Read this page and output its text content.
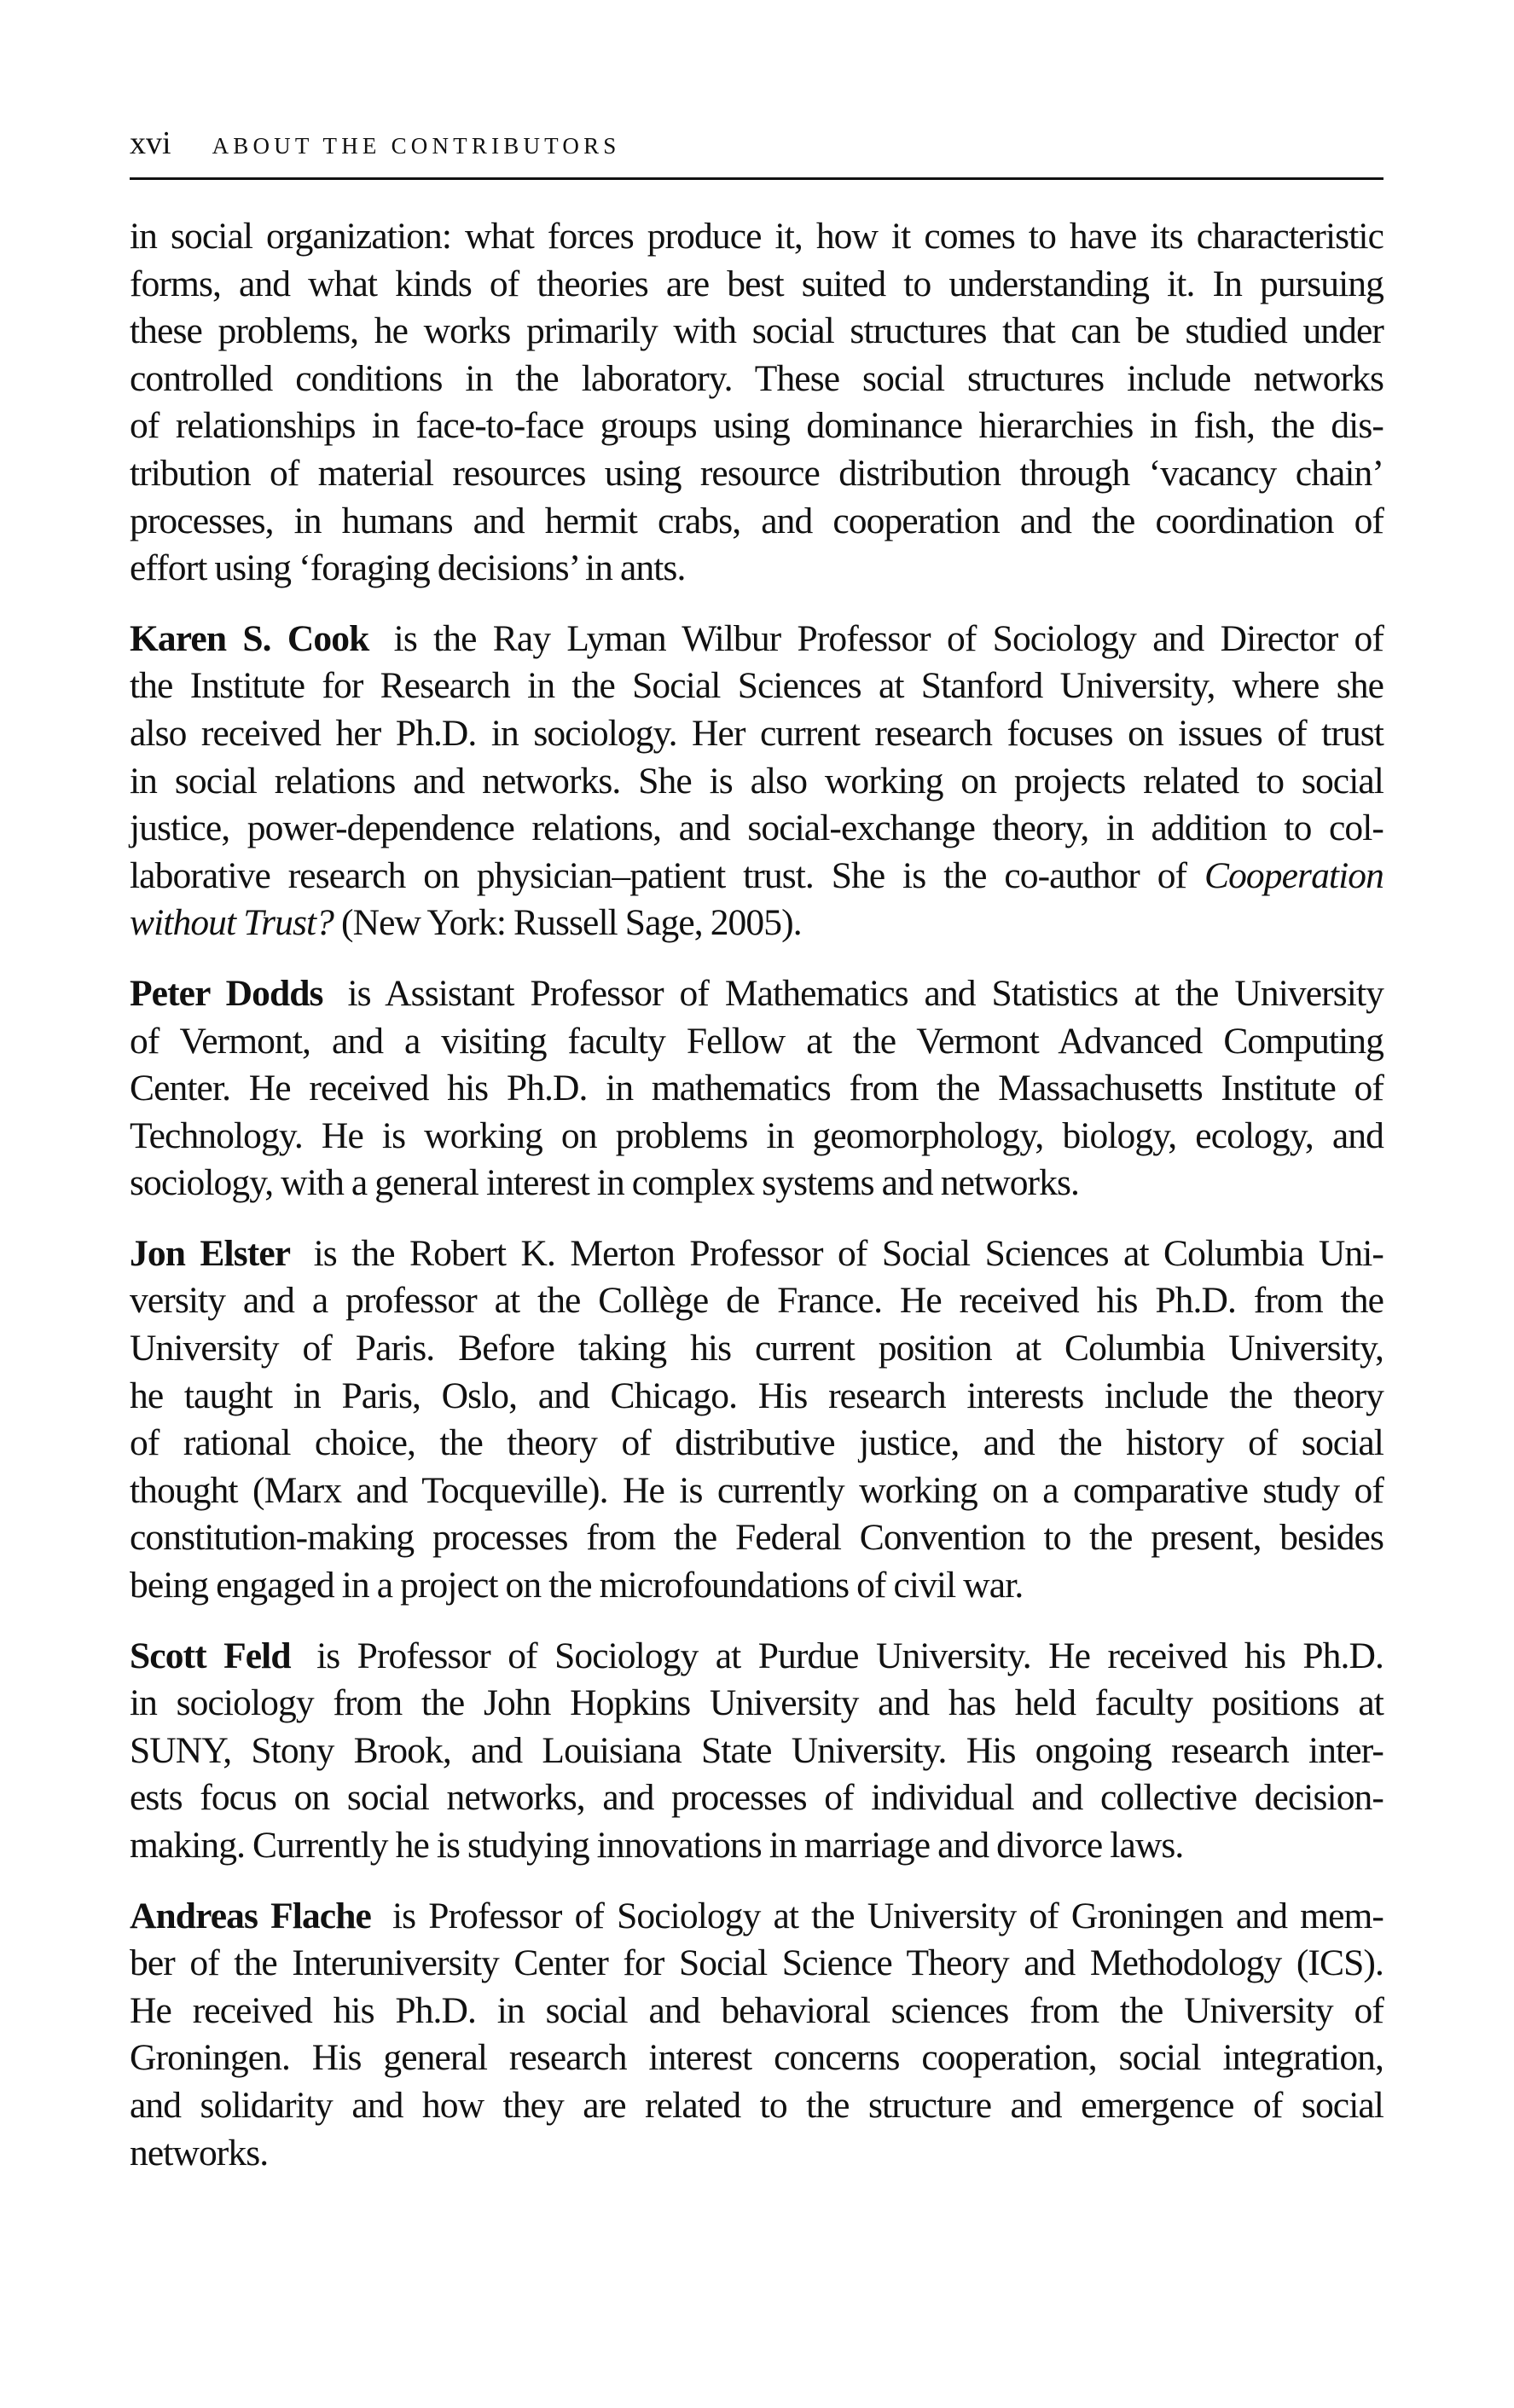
xvi ABOUT THE CONTRIBUTORS
in social organization: what forces produce it, how it comes to have its characteristic
forms, and what kinds of theories are best suited to understanding it. In pursuing
these problems, he works primarily with social structures that can be studied under
controlled conditions in the laboratory. These social structures include networks
of relationships in face-to-face groups using dominance hierarchies in fish, the dis-
tribution of material resources using resource distribution through ‘vacancy chain’
processes, in humans and hermit crabs, and cooperation and the coordination of
effort using ‘foraging decisions’ in ants.
Karen S. Cook is the Ray Lyman Wilbur Professor of Sociology and Director of
the Institute for Research in the Social Sciences at Stanford University, where she
also received her Ph.D. in sociology. Her current research focuses on issues of trust
in social relations and networks. She is also working on projects related to social
justice, power-dependence relations, and social-exchange theory, in addition to col-
laborative research on physician–patient trust. She is the co-author of Cooperation
without Trust? (New York: Russell Sage, 2005).
Peter Dodds is Assistant Professor of Mathematics and Statistics at the University
of Vermont, and a visiting faculty Fellow at the Vermont Advanced Computing
Center. He received his Ph.D. in mathematics from the Massachusetts Institute of
Technology. He is working on problems in geomorphology, biology, ecology, and
sociology, with a general interest in complex systems and networks.
Jon Elster is the Robert K. Merton Professor of Social Sciences at Columbia Uni-
versity and a professor at the Collège de France. He received his Ph.D. from the
University of Paris. Before taking his current position at Columbia University,
he taught in Paris, Oslo, and Chicago. His research interests include the theory
of rational choice, the theory of distributive justice, and the history of social
thought (Marx and Tocqueville). He is currently working on a comparative study of
constitution-making processes from the Federal Convention to the present, besides
being engaged in a project on the microfoundations of civil war.
Scott Feld is Professor of Sociology at Purdue University. He received his Ph.D.
in sociology from the John Hopkins University and has held faculty positions at
SUNY, Stony Brook, and Louisiana State University. His ongoing research inter-
ests focus on social networks, and processes of individual and collective decision-
making. Currently he is studying innovations in marriage and divorce laws.
Andreas Flache is Professor of Sociology at the University of Groningen and mem-
ber of the Interuniversity Center for Social Science Theory and Methodology (ICS).
He received his Ph.D. in social and behavioral sciences from the University of
Groningen. His general research interest concerns cooperation, social integration,
and solidarity and how they are related to the structure and emergence of social
networks.
